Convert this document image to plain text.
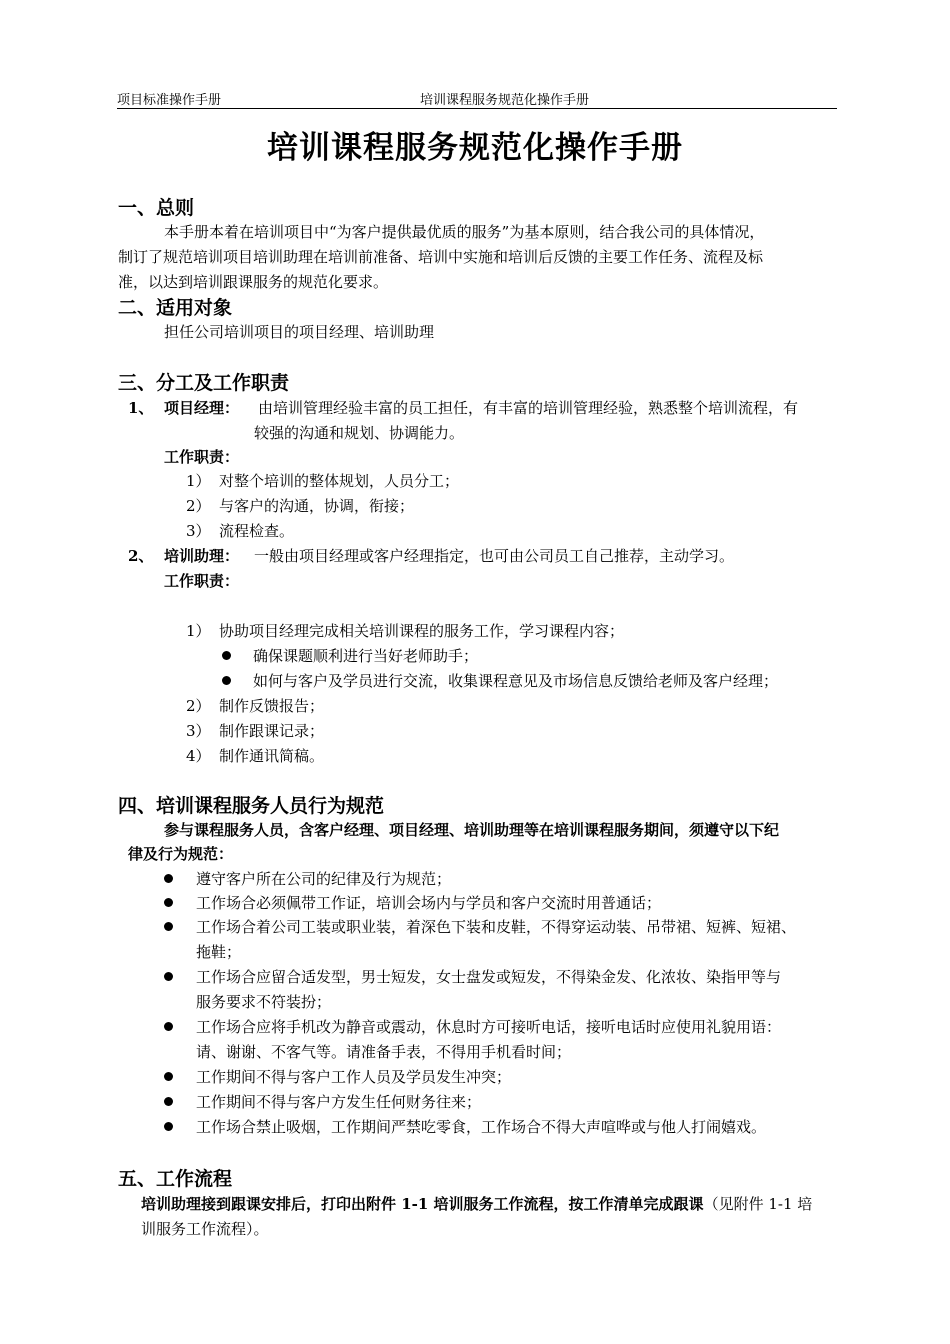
项目标准操作手册	培训课程服务规范化操作手册
培训课程服务规范化操作手册
一、总则
本手册本着在培训项目中“为客户提供最优质的服务”为基本原则，结合我公司的具体情况，
制订了规范培训项目培训助理在培训前准备、培训中实施和培训后反馈的主要工作任务、流程及标
准，以达到培训跟课服务的规范化要求。
二、适用对象
担任公司培训项目的项目经理、培训助理
三、分工及工作职责
1、 项目经理： 由培训管理经验丰富的员工担任，有丰富的培训管理经验，熟悉整个培训流程，有
较强的沟通和规划、协调能力。
工作职责：
1） 对整个培训的整体规划，人员分工；
2） 与客户的沟通，协调，衔接；
3） 流程检查。
2、 培训助理： 一般由项目经理或客户经理指定，也可由公司员工自己推荐，主动学习。
工作职责：
1） 协助项目经理完成相关培训课程的服务工作，学习课程内容；
确保课题顺利进行当好老师助手；
如何与客户及学员进行交流，收集课程意见及市场信息反馈给老师及客户经理；
2） 制作反馈报告；
3） 制作跟课记录；
4） 制作通讯简稿。
四、培训课程服务人员行为规范
参与课程服务人员，含客户经理、项目经理、培训助理等在培训课程服务期间，须遵守以下纪
律及行为规范：
遵守客户所在公司的纪律及行为规范；
工作场合必须佩带工作证，培训会场内与学员和客户交流时用普通话；
工作场合着公司工装或职业装，着深色下装和皮鞋，不得穿运动装、吊带裙、短裤、短裙、
拖鞋；
工作场合应留合适发型，男士短发，女士盘发或短发，不得染金发、化浓妆、染指甲等与
服务要求不符装扮；
工作场合应将手机改为静音或震动，休息时方可接听电话，接听电话时应使用礼貌用语：
请、谢谢、不客气等。请准备手表，不得用手机看时间；
工作期间不得与客户工作人员及学员发生冲突；
工作期间不得与客户方发生任何财务往来；
工作场合禁止吸烟，工作期间严禁吃零食，工作场合不得大声喧哗或与他人打闹嬉戏。
五、工作流程
培训助理接到跟课安排后，打印出附件 1-1 培训服务工作流程，按工作清单完成跟课（见附件 1-1 培
训服务工作流程）。
